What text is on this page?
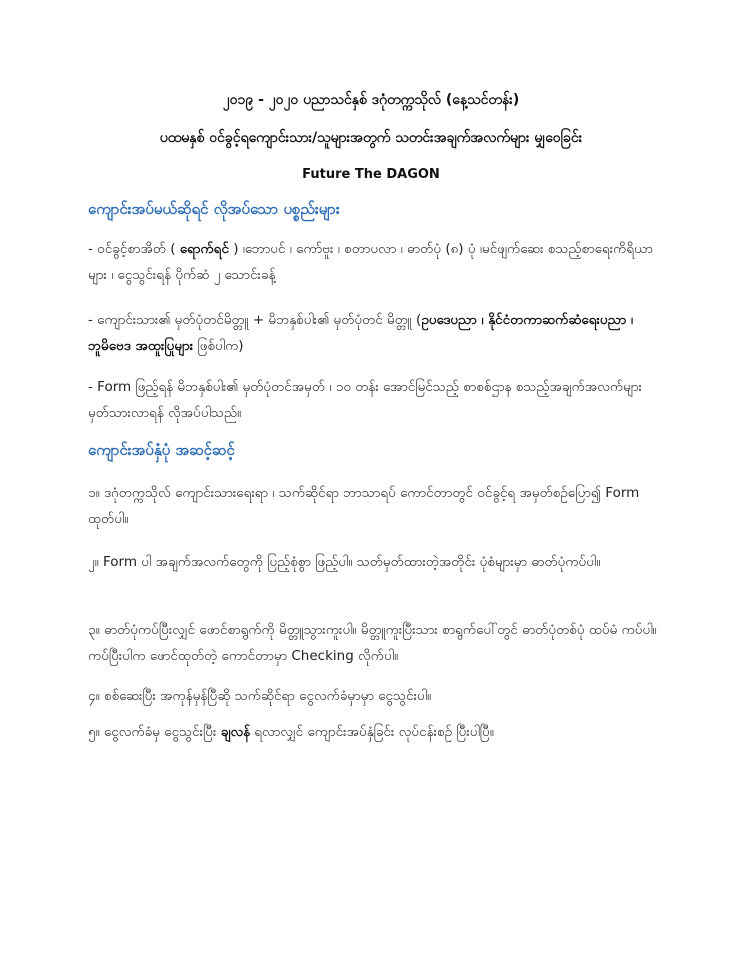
၂၀၁၉ - ၂၀၂၀ ပညာသင်နှစ် ဒဂုံတက္ကသိုလ် (နေ့သင်တန်း)
ပထမနှစ် ဝင်ခွင့်ရကျောင်းသား/သူများအတွက် သတင်းအချက်အလက်များ မျှဝေခြင်း
Future The DAGON
ကျောင်းအပ်မယ်ဆိုရင် လိုအပ်သော ပစ္စည်းများ
- ဝင်ခွင့်စာအိတ် ( ရောက်ရင် ) ၊ဘောပင် ၊ ကော်ဗူး ၊ စတာပလာ ၊ ဓာတ်ပုံ (၈) ပုံ ၊မင်ဖျက်ဆေး စသည့်စာရေးကိရိယာများ ၊ ငွေသွင်းရန် ပိုက်ဆံ ၂ သောင်းခန့်
- ကျောင်းသား၏ မှတ်ပုံတင်မိတ္တူ + မိဘနှစ်ပါး၏ မှတ်ပုံတင် မိတ္တူ (ဥပဒေပညာ ၊ နိုင်ငံတကာဆက်ဆံရေးပညာ ၊ ဘူမိဗေဒ အထူးပြုများ ဖြစ်ပါက)
- Form ဖြည့်ရန် မိဘနှစ်ပါး၏ မှတ်ပုံတင်အမှတ် ၊ ၁၀ တန်း အောင်မြင်သည့် စာစစ်ဌာန စသည့်အချက်အလက်များ မှတ်သားလာရန် လိုအပ်ပါသည်။
ကျောင်းအပ်နှံပုံ အဆင့်ဆင့်
၁။ ဒဂုံတက္ကသိုလ် ကျောင်းသားရေးရာ ၊ သက်ဆိုင်ရာ ဘာသာရပ် ကောင်တာတွင် ဝင်ခွင့်ရ အမှတ်စဉ်ပြော၍ Form ထုတ်ပါ။
၂။ Form ပါ အချက်အလက်တွေကို ပြည့်စုံစွာ ဖြည့်ပါ။ သတ်မှတ်ထားတဲ့အတိုင်း ပုံစံများမှာ ဓာတ်ပုံကပ်ပါ။
၃။ ဓာတ်ပုံကပ်ပြီးလျှင် ဖောင်စာရွက်ကို မိတ္တူသွားကူးပါ။ မိတ္တူကူးပြီးသား စာရွက်ပေါ်တွင် ဓာတ်ပုံတစ်ပုံ ထပ်မံ ကပ်ပါ။ ကပ်ပြီးပါက ဖောင်ထုတ်တဲ့ ကောင်တာမှာ Checking လိုက်ပါ။
၄။ စစ်ဆေးပြီး အကုန်မှန်ပြီဆို သက်ဆိုင်ရာ ငွေလက်ခံမှာမှာ ငွေသွင်းပါ။
၅။ ငွေလက်ခံမှ ငွေသွင်းပြီး ချလန် ရလာလျှင် ကျောင်းအပ်နှံခြင်း လုပ်ငန်းစဉ် ပြီးပါပြီ။
